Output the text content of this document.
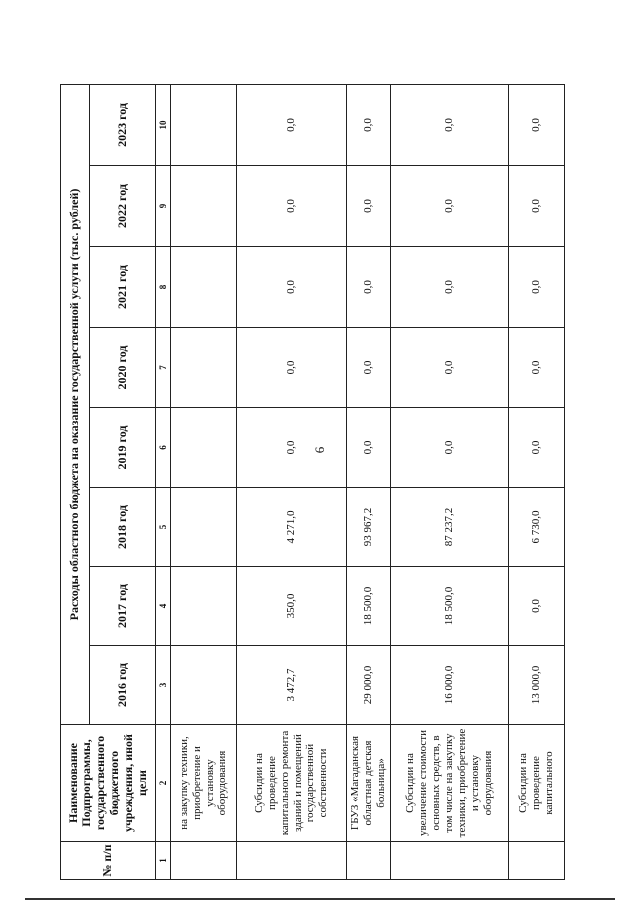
6
№ п/п	Наименование Подпрограммы, государственного бюджетного учреждения, иной цели	Расходы областного бюджета на оказание государственной услуги (тыс. рублей)							
		2016 год	2017 год	2018 год	2019 год	2020 год	2021 год	2022 год	2023 год
1	2	3	4	5	6	7	8	9	10
	на закупку техники, приобретение и установку оборудования								
	Субсидии на проведение капитального ремонта зданий и помещений государственной собственности	3 472,7	350,0	4 271,0	0,0	0,0	0,0	0,0	0,0
	ГБУЗ «Магаданская областная детская больница»	29 000,0	18 500,0	93 967,2	0,0	0,0	0,0	0,0	0,0
	Субсидии на увеличение стоимости основных средств, в том числе на закупку техники, приобретение и установку оборудования	16 000,0	18 500,0	87 237,2	0,0	0,0	0,0	0,0	0,0
	Субсидии на проведение капитального	13 000,0	0,0	6 730,0	0,0	0,0	0,0	0,0	0,0
